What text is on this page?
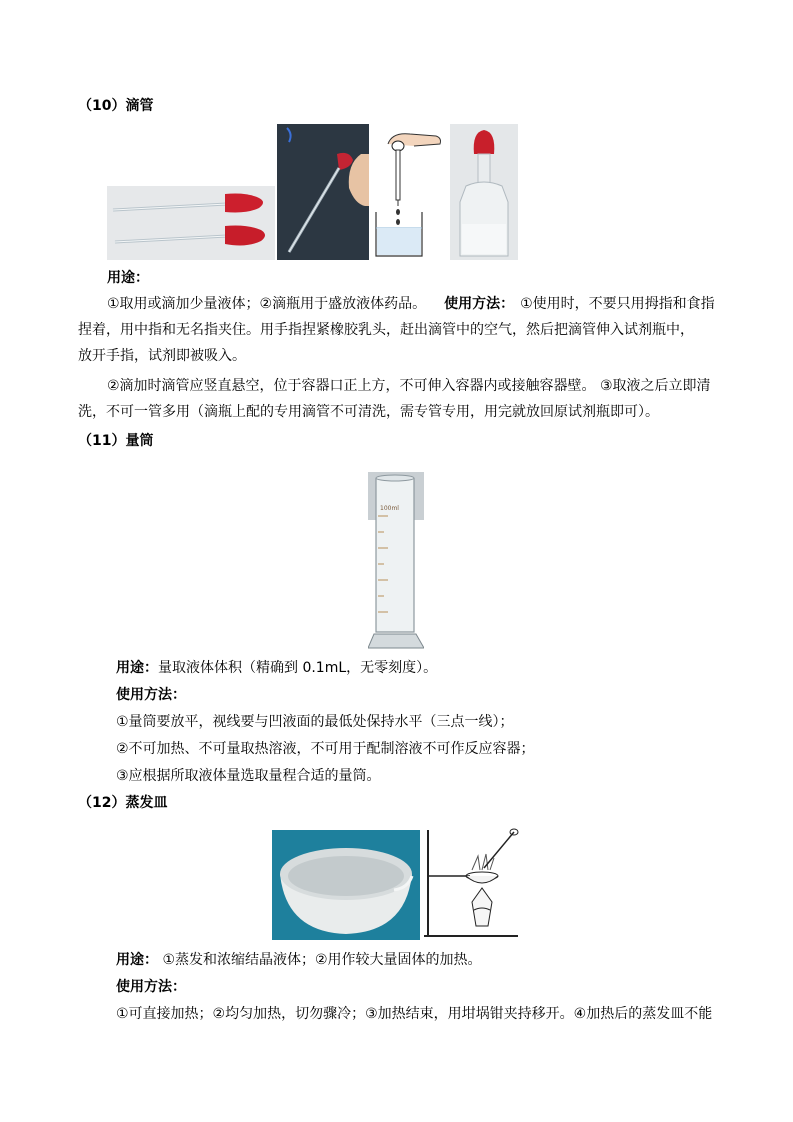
（10）滴管
用途：
①取用或滴加少量液体；②滴瓶用于盛放液体药品。 使用方法： ①使用时，不要只用拇指和食指
捏着，用中指和无名指夹住。用手指捏紧橡胶乳头，赶出滴管中的空气，然后把滴管伸入试剂瓶中，
放开手指，试剂即被吸入。
②滴加时滴管应竖直悬空，位于容器口正上方，不可伸入容器内或接触容器壁。 ③取液之后立即清
洗，不可一管多用（滴瓶上配的专用滴管不可清洗，需专管专用，用完就放回原试剂瓶即可）。
（11）量筒
100ml
用途：量取液体体积（精确到 0.1mL，无零刻度）。
使用方法：
①量筒要放平，视线要与凹液面的最低处保持水平（三点一线）；
②不可加热、不可量取热溶液，不可用于配制溶液不可作反应容器；
③应根据所取液体量选取量程合适的量筒。
（12）蒸发皿
用途： ①蒸发和浓缩结晶液体；②用作较大量固体的加热。
使用方法：
①可直接加热；②均匀加热，切勿骤冷；③加热结束，用坩埚钳夹持移开。④加热后的蒸发皿不能
